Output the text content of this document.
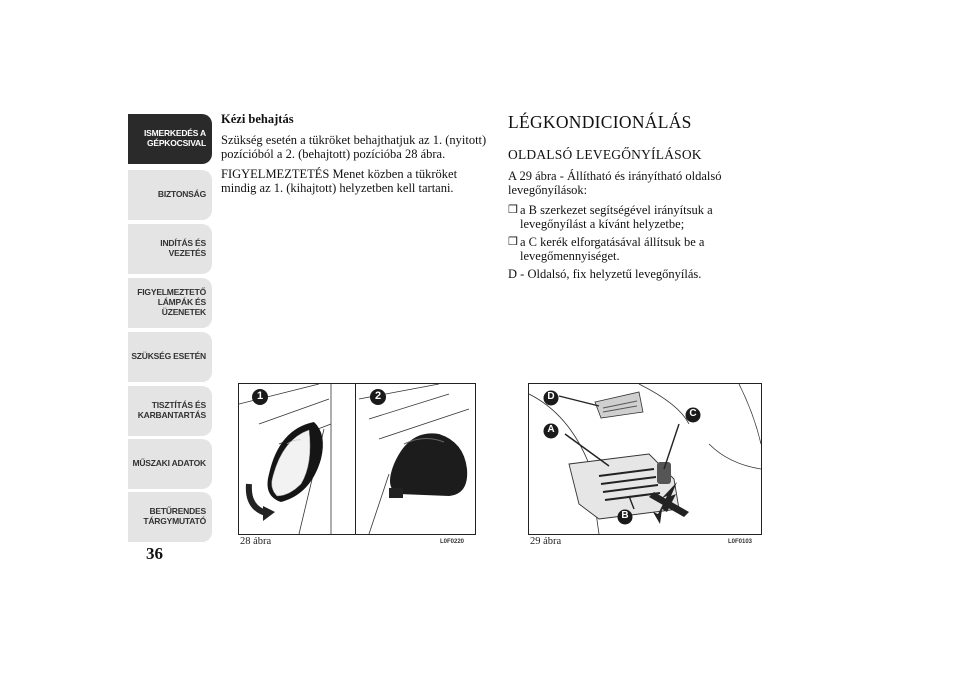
ISMERKEDÉS A
GÉPKOCSIVAL
BIZTONSÁG
INDÍTÁS ÉS
VEZETÉS
FIGYELMEZTETŐ
LÁMPÁK ÉS
ÜZENETEK
SZÜKSÉG ESETÉN
TISZTÍTÁS ÉS
KARBANTARTÁS
MŰSZAKI ADATOK
BETŰRENDES
TÁRGYMUTATÓ
36
Kézi behajtás

Szükség esetén a tükröket behajthatjuk az 1. (nyitott) pozícióból a 2. (behajtott) pozícióba 28 ábra.

FIGYELMEZTETÉS Menet közben a tükröket mindig az 1. (kihajtott) helyzetben kell tartani.

LÉGKONDICIONÁLÁS
OLDALSÓ LEVEGŐNYÍLÁSOK

A 29 ábra - Állítható és irányítható oldalsó levegőnyílások:

❒ a B szerkezet segítségével irányítsuk a levegőnyílást a kívánt helyzetbe;
❒ a C kerék elforgatásával állítsuk be a levegőmennyiséget.

D - Oldalsó, fix helyzetű levegőnyílás.

1	2
28 ábra	L0F0220
D
C
A
B
29 ábra	L0F0103
